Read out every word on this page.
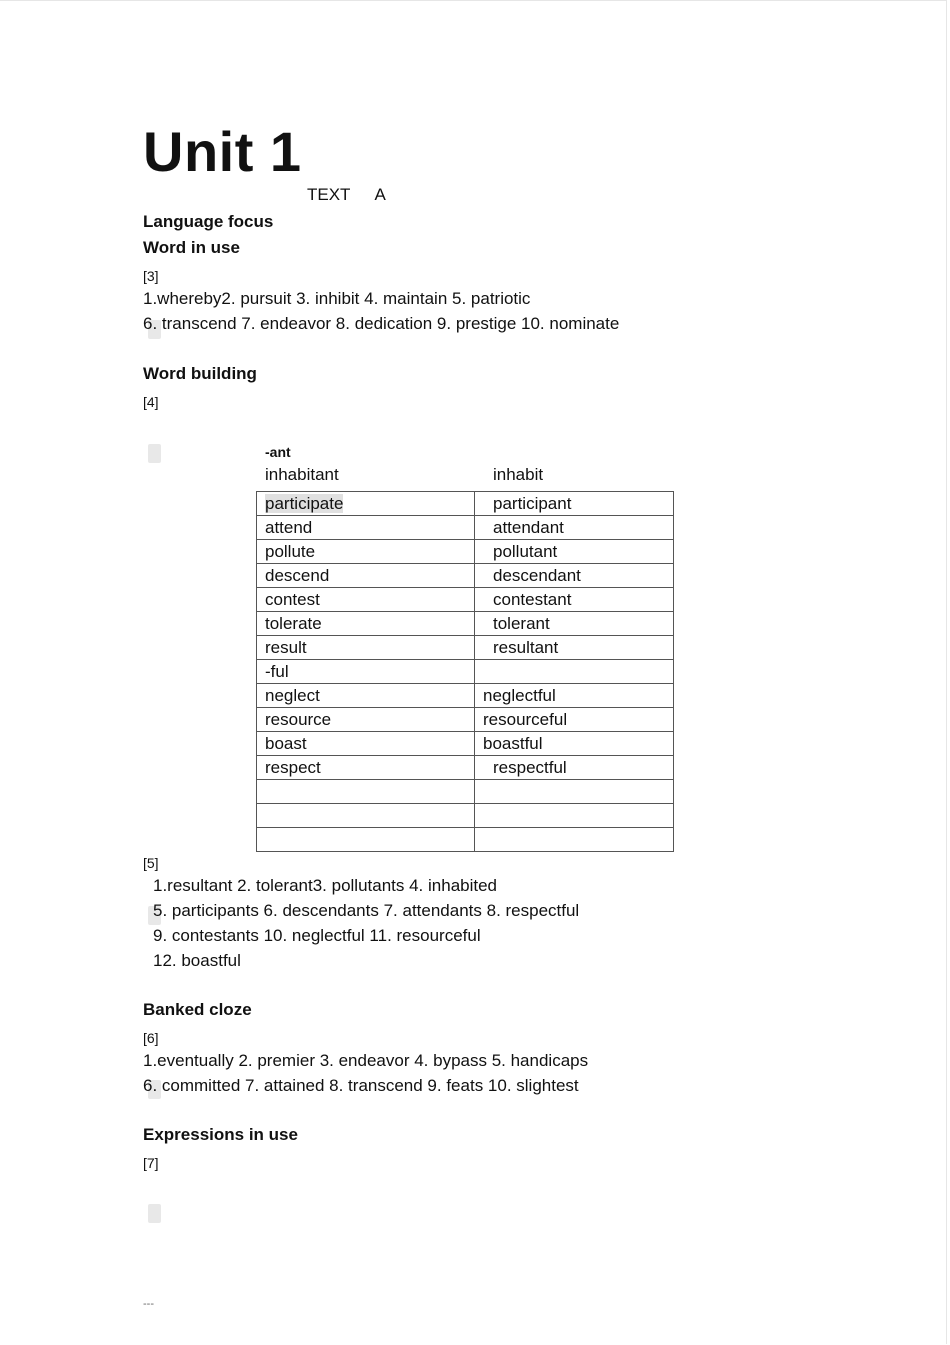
Unit 1
TEXT A
Language focus
Word in use
[3]
1.whereby2. pursuit 3. inhibit 4. maintain 5. patriotic
6. transcend 7. endeavor 8. dedication 9. prestige 10. nominate
Word building
[4]
-ant
inhabitant	inhabit
participate	participant
attend	attendant
pollute	pollutant
descend	descendant
contest	contestant
tolerate	tolerant
result	resultant
-ful	
neglect	neglectful
resource	resourceful
boast	boastful
respect	respectful

[5]
1.resultant 2. tolerant3. pollutants 4. inhabited
5. participants 6. descendants 7. attendants 8. respectful
9. contestants 10. neglectful 11. resourceful
12. boastful
Banked cloze
[6]
1.eventually 2. premier 3. endeavor 4. bypass 5. handicaps
6. committed 7. attained 8. transcend 9. feats 10. slightest
Expressions in use
[7]
---
